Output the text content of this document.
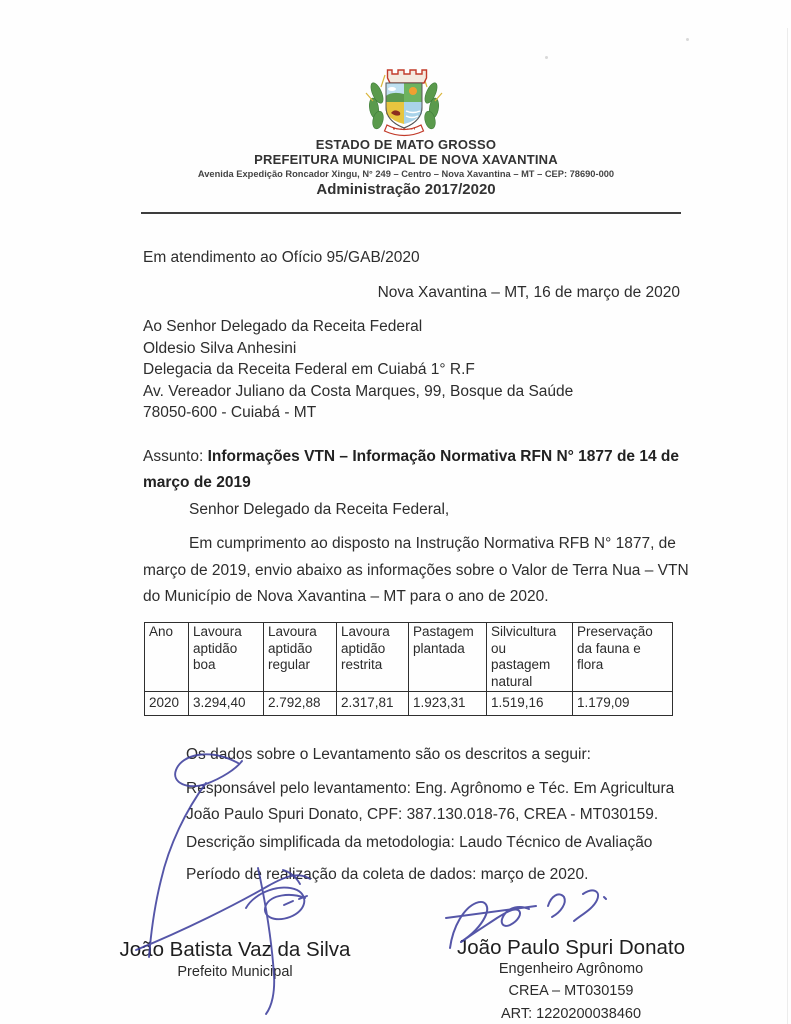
ESTADO DE MATO GROSSO
PREFEITURA MUNICIPAL DE NOVA XAVANTINA
Avenida Expedição Roncador Xingu, N° 249 – Centro – Nova Xavantina – MT – CEP: 78690-000
Administração 2017/2020
Em atendimento ao Ofício 95/GAB/2020
Nova Xavantina – MT, 16 de março de 2020
Ao Senhor Delegado da Receita Federal
Oldesio Silva Anhesini
Delegacia da Receita Federal em Cuiabá 1° R.F
Av. Vereador Juliano da Costa Marques, 99, Bosque da Saúde
78050-600 - Cuiabá - MT
Assunto: Informações VTN – Informação Normativa RFN N° 1877 de 14 de março de 2019
Senhor Delegado da Receita Federal,
Em cumprimento ao disposto na Instrução Normativa RFB N° 1877, de março de 2019, envio abaixo as informações sobre o Valor de Terra Nua – VTN do Município de Nova Xavantina – MT para o ano de 2020.
Ano	Lavoura aptidão boa	Lavoura aptidão regular	Lavoura aptidão restrita	Pastagem plantada	Silvicultura ou pastagem natural	Preservação da fauna e flora
2020	3.294,40	2.792,88	2.317,81	1.923,31	1.519,16	1.179,09
Os dados sobre o Levantamento são os descritos a seguir:
Responsável pelo levantamento: Eng. Agrônomo e Téc. Em Agricultura João Paulo Spuri Donato, CPF: 387.130.018-76, CREA - MT030159.
Descrição simplificada da metodologia: Laudo Técnico de Avaliação
Período de realização da coleta de dados: março de 2020.
João Batista Vaz da Silva
Prefeito Municipal
João Paulo Spuri Donato
Engenheiro Agrônomo
CREA – MT030159
ART: 1220200038460
